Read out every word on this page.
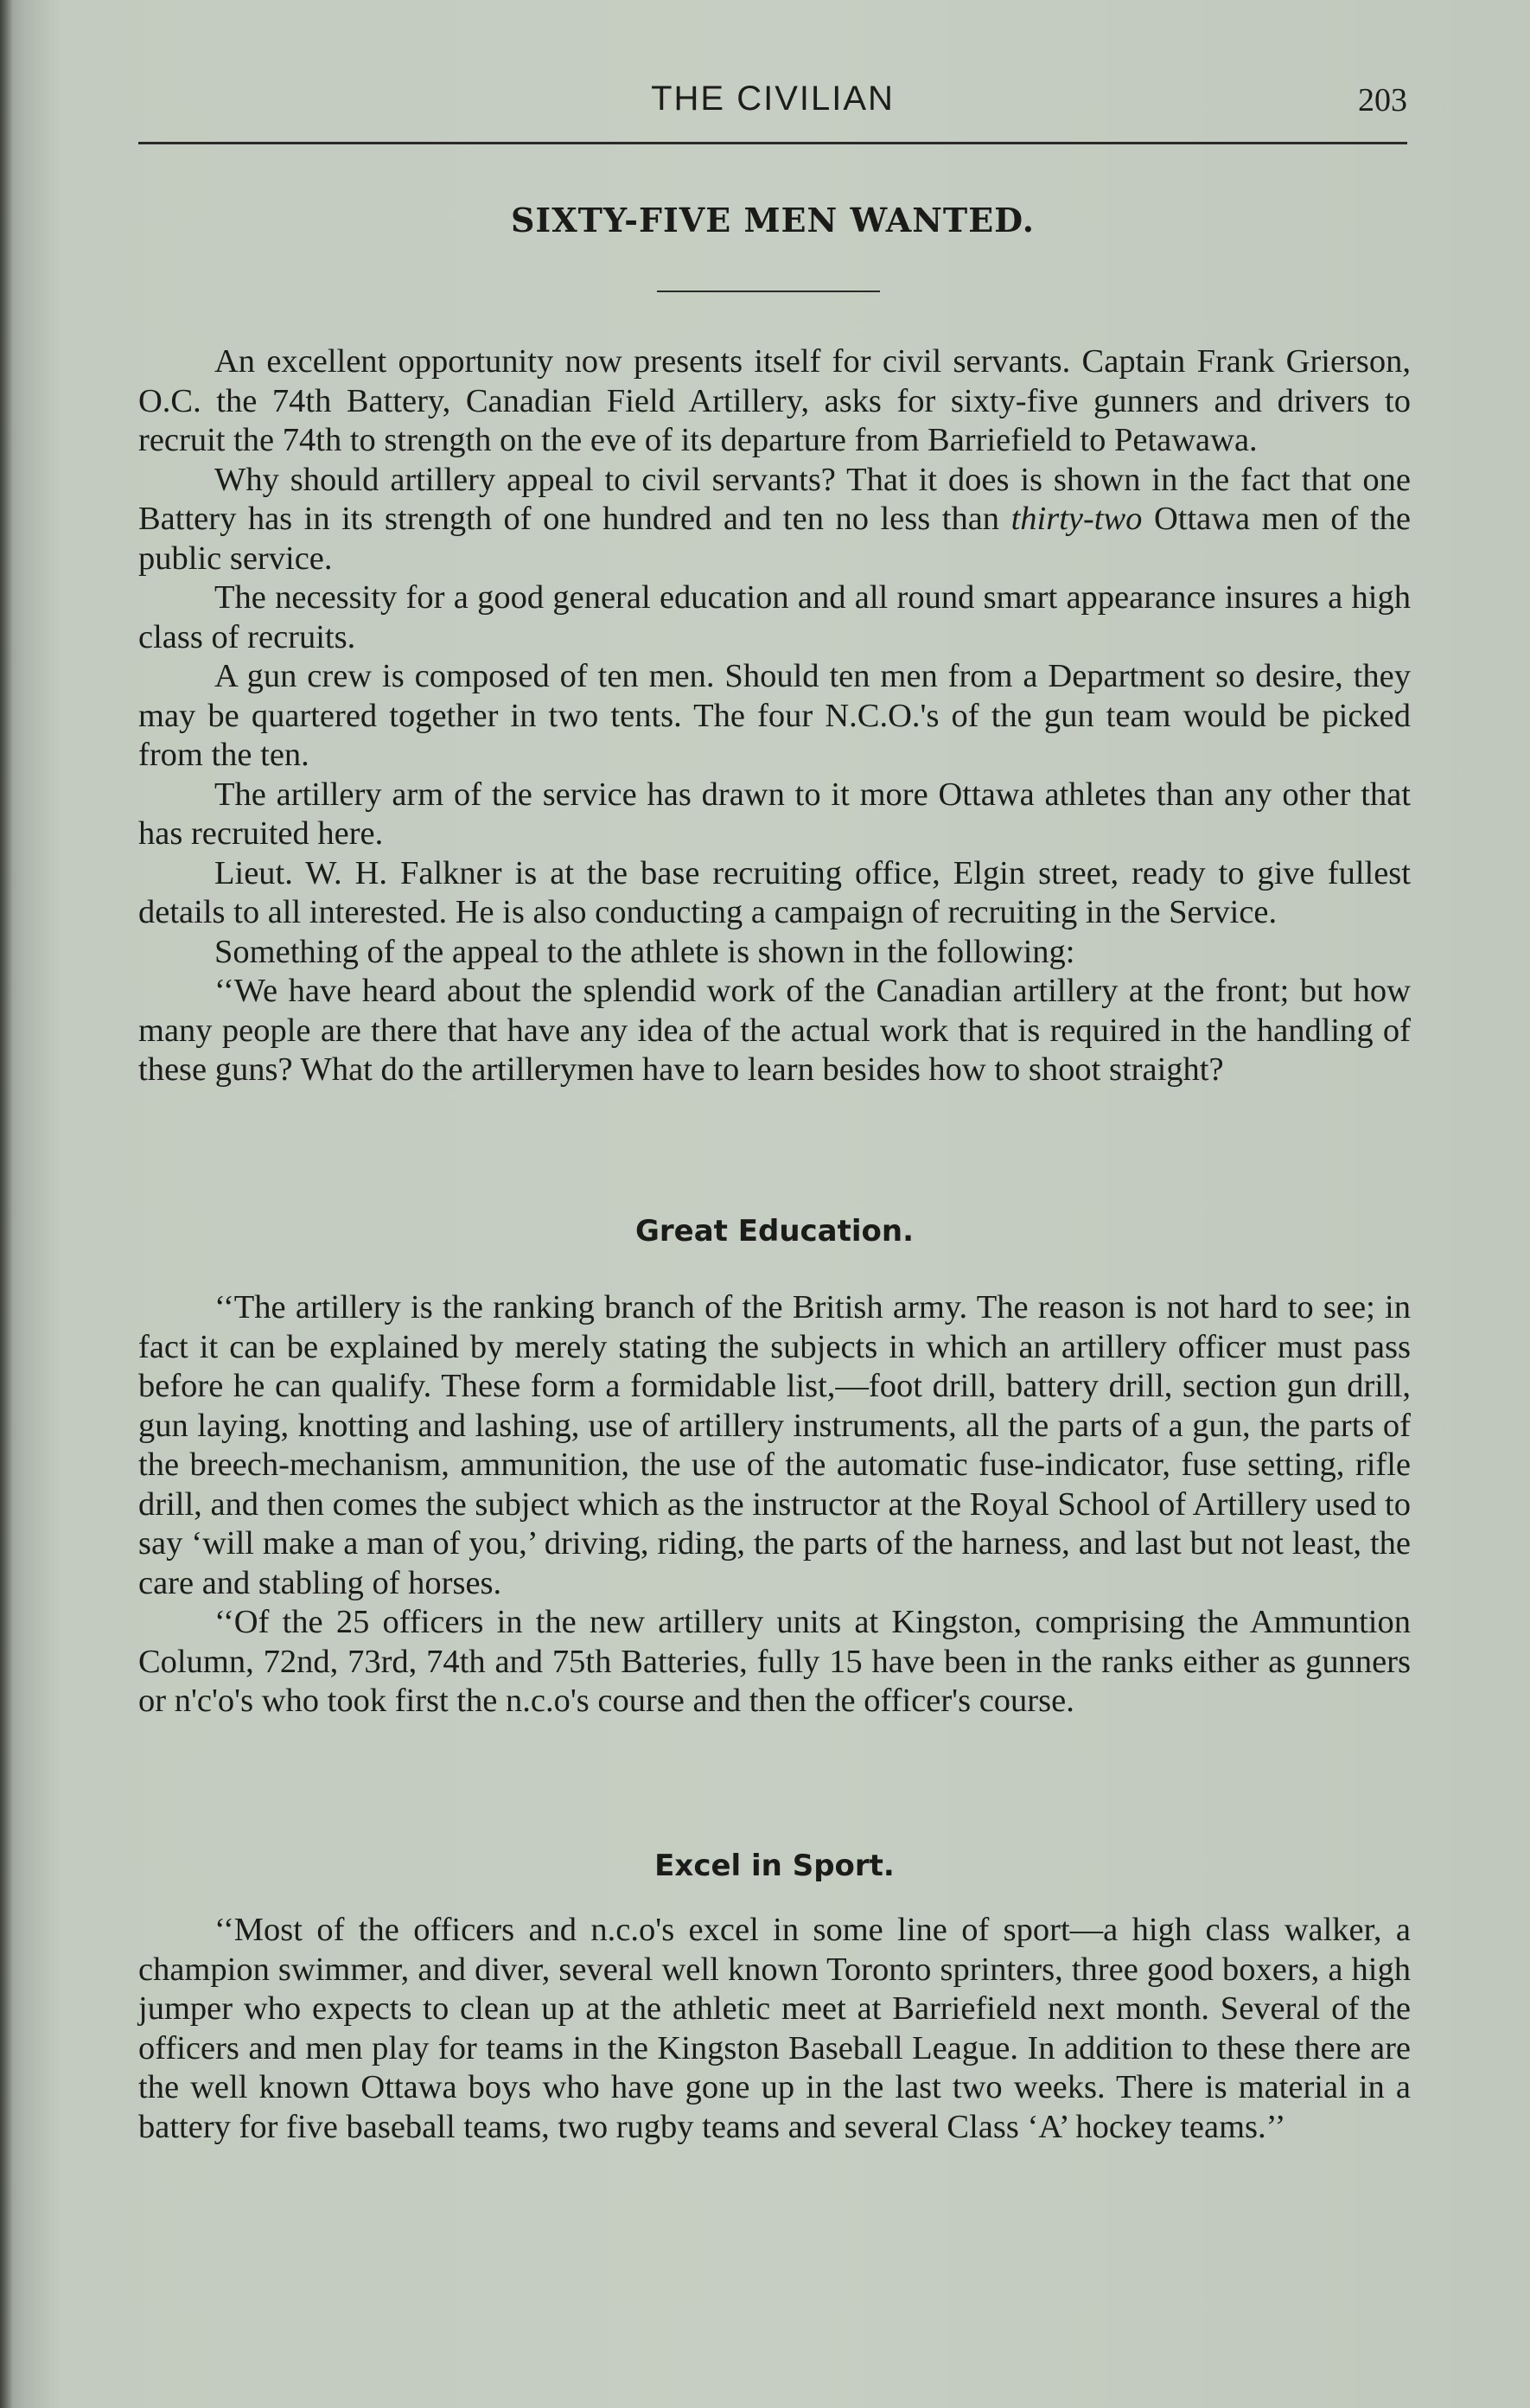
THE CIVILIAN	203
SIXTY-FIVE MEN WANTED.

An excellent opportunity now presents itself for civil servants. Captain Frank Grierson, O.C. the 74th Battery, Canadian Field Artillery, asks for sixty-five gunners and drivers to recruit the 74th to strength on the eve of its departure from Barriefield to Petawawa.

Why should artillery appeal to civil servants? That it does is shown in the fact that one Battery has in its strength of one hundred and ten no less than thirty-two Ottawa men of the public service.

The necessity for a good general education and all round smart appearance insures a high class of recruits.

A gun crew is composed of ten men. Should ten men from a Department so desire, they may be quartered together in two tents. The four N.C.O.'s of the gun team would be picked from the ten.

The artillery arm of the service has drawn to it more Ottawa athletes than any other that has recruited here.

Lieut. W. H. Falkner is at the base recruiting office, Elgin street, ready to give fullest details to all interested. He is also conducting a campaign of recruiting in the Service.

Something of the appeal to the athlete is shown in the following:

‘‘We have heard about the splendid work of the Canadian artillery at the front; but how many people are there that have any idea of the actual work that is required in the handling of these guns? What do the artillerymen have to learn besides how to shoot straight?

Great Education.

‘‘The artillery is the ranking branch of the British army. The reason is not hard to see; in fact it can be explained by merely stating the subjects in which an artillery officer must pass before he can qualify. These form a formidable list,—foot drill, battery drill, section gun drill, gun laying, knotting and lashing, use of artillery instruments, all the parts of a gun, the parts of the breech-mechanism, ammunition, the use of the automatic fuse-indicator, fuse setting, rifle drill, and then comes the subject which as the instructor at the Royal School of Artillery used to say ‘will make a man of you,’ driving, riding, the parts of the harness, and last but not least, the care and stabling of horses.

‘‘Of the 25 officers in the new artillery units at Kingston, comprising the Ammuntion Column, 72nd, 73rd, 74th and 75th Batteries, fully 15 have been in the ranks either as gunners or n'c'o's who took first the n.c.o's course and then the officer's course.

Excel in Sport.

‘‘Most of the officers and n.c.o's excel in some line of sport—a high class walker, a champion swimmer, and diver, several well known Toronto sprinters, three good boxers, a high jumper who expects to clean up at the athletic meet at Barriefield next month. Several of the officers and men play for teams in the Kingston Baseball League. In addition to these there are the well known Ottawa boys who have gone up in the last two weeks. There is material in a battery for five baseball teams, two rugby teams and several Class ‘A’ hockey teams.’’
